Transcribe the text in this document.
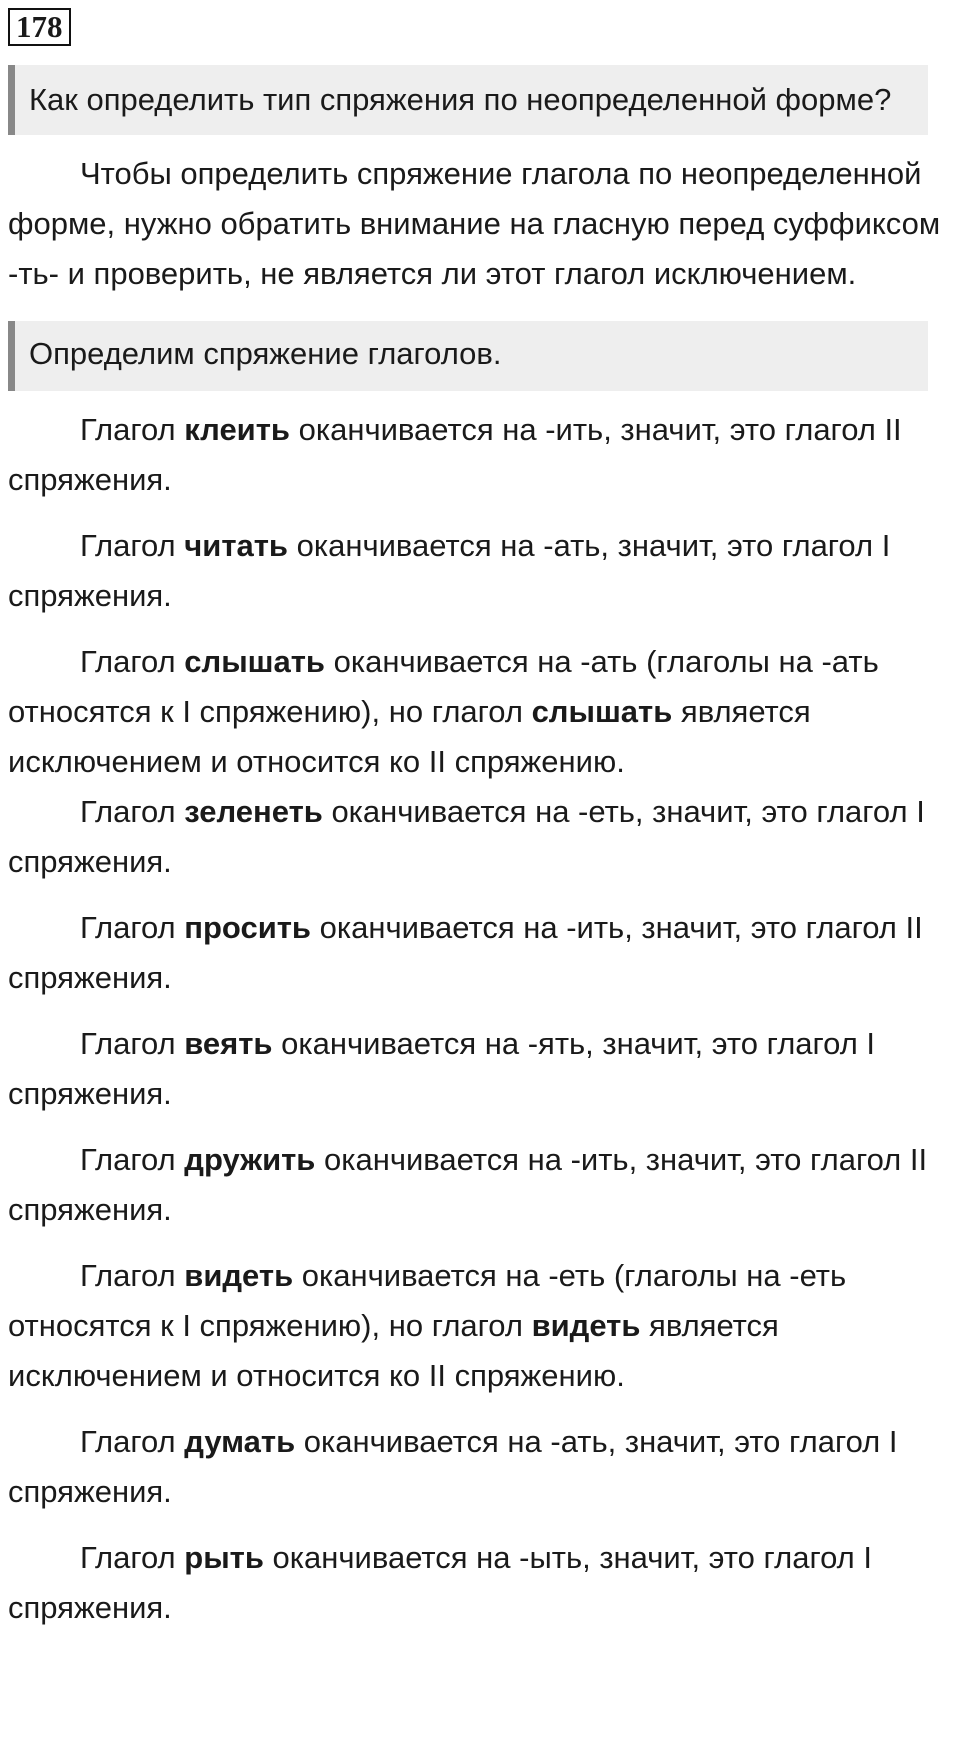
178
Как определить тип спряжения по неопределенной форме?

Чтобы определить спряжение глагола по неопределенной форме, нужно обратить внимание на гласную перед суффиксом -ть- и проверить, не является ли этот глагол исключением.

Определим спряжение глаголов.

Глагол клеить оканчивается на -ить, значит, это глагол II спряжения.

Глагол читать оканчивается на -ать, значит, это глагол I спряжения.

Глагол слышать оканчивается на -ать (глаголы на -ать относятся к I спряжению), но глагол слышать является исключением и относится ко II спряжению.

Глагол зеленеть оканчивается на -еть, значит, это глагол I спряжения.

Глагол просить оканчивается на -ить, значит, это глагол II спряжения.

Глагол веять оканчивается на -ять, значит, это глагол I спряжения.

Глагол дружить оканчивается на -ить, значит, это глагол II спряжения.

Глагол видеть оканчивается на -еть (глаголы на -еть относятся к I спряжению), но глагол видеть является исключением и относится ко II спряжению.

Глагол думать оканчивается на -ать, значит, это глагол I спряжения.

Глагол рыть оканчивается на -ыть, значит, это глагол I спряжения.
